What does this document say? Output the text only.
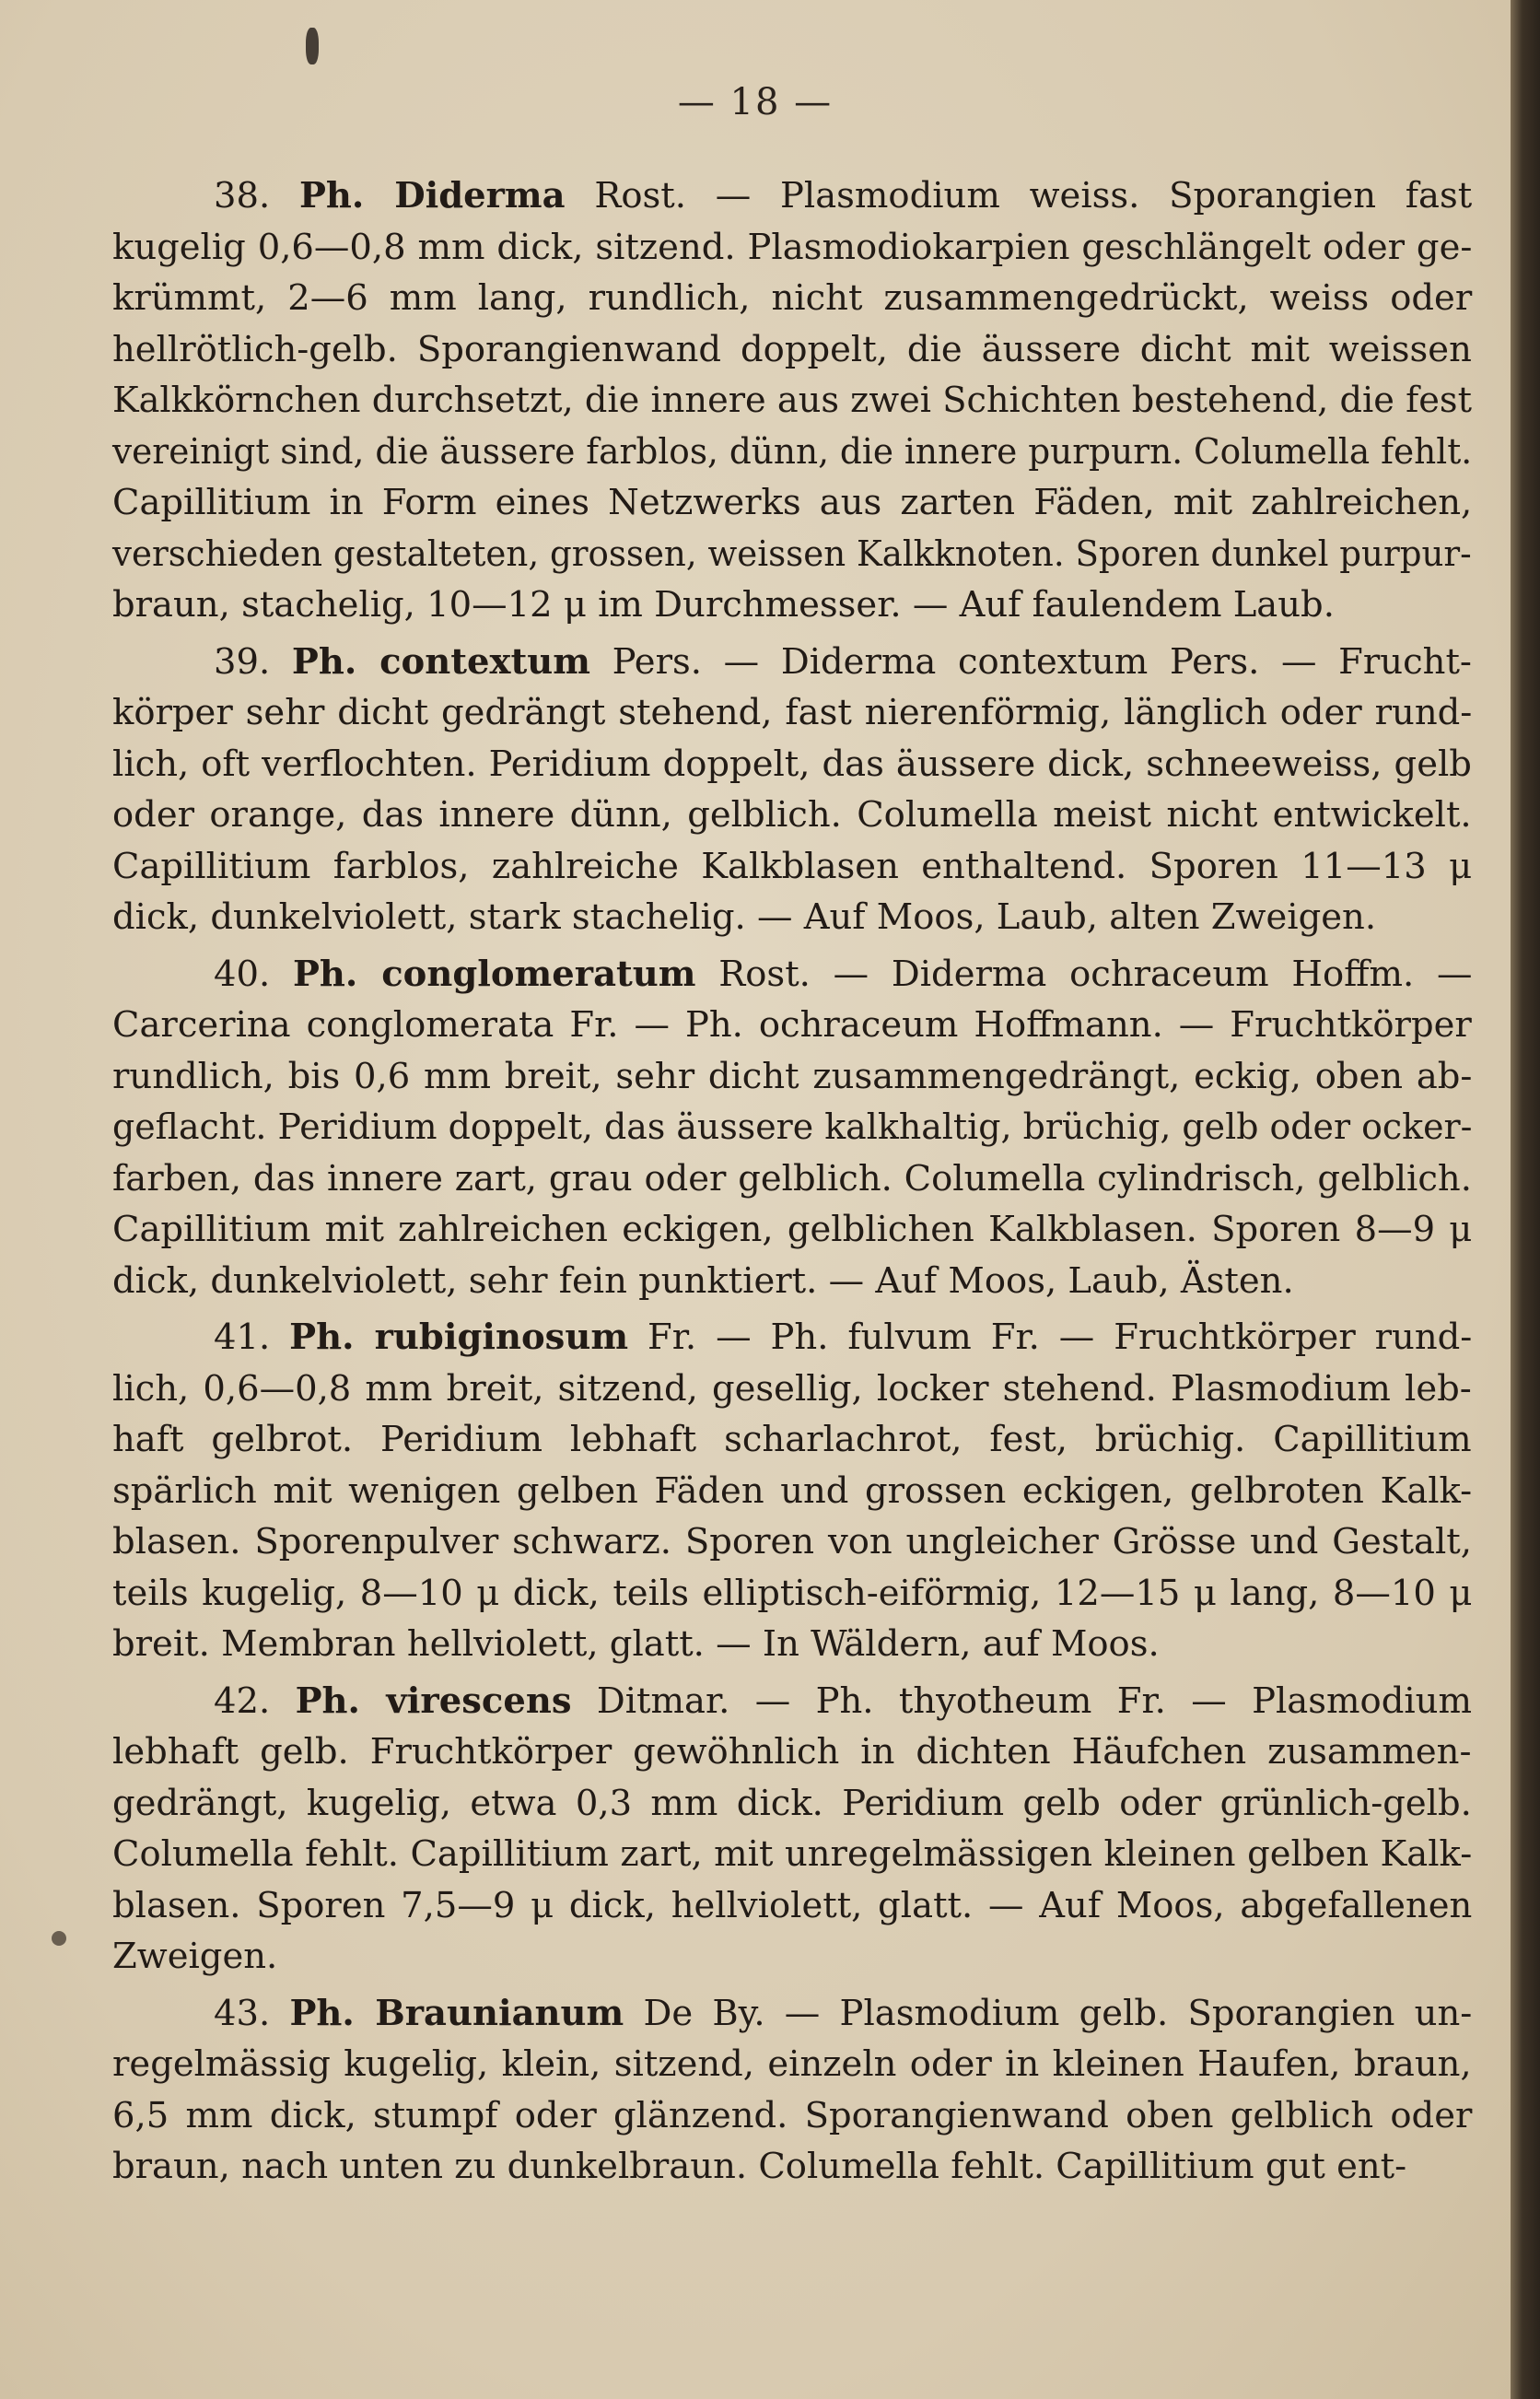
— 18 —
38. Ph. Diderma Rost. — Plasmodium weiss. Sporangien fast
kugelig 0,6—0,8 mm dick, sitzend. Plasmodiokarpien geschlängelt oder ge-
krümmt, 2—6 mm lang, rundlich, nicht zusammengedrückt, weiss oder
hellrötlich-gelb. Sporangienwand doppelt, die äussere dicht mit weissen
Kalkkörnchen durchsetzt, die innere aus zwei Schichten bestehend, die fest
vereinigt sind, die äussere farblos, dünn, die innere purpurn. Columella fehlt.
Capillitium in Form eines Netzwerks aus zarten Fäden, mit zahlreichen,
verschieden gestalteten, grossen, weissen Kalkknoten. Sporen dunkel purpur-
braun, stachelig, 10—12 μ im Durchmesser. — Auf faulendem Laub.
39. Ph. contextum Pers. — Diderma contextum Pers. — Frucht-
körper sehr dicht gedrängt stehend, fast nierenförmig, länglich oder rund-
lich, oft verflochten. Peridium doppelt, das äussere dick, schneeweiss, gelb
oder orange, das innere dünn, gelblich. Columella meist nicht entwickelt.
Capillitium farblos, zahlreiche Kalkblasen enthaltend. Sporen 11—13 μ
dick, dunkelviolett, stark stachelig. — Auf Moos, Laub, alten Zweigen.
40. Ph. conglomeratum Rost. — Diderma ochraceum Hoffm. —
Carcerina conglomerata Fr. — Ph. ochraceum Hoffmann. — Fruchtkörper
rundlich, bis 0,6 mm breit, sehr dicht zusammengedrängt, eckig, oben ab-
geflacht. Peridium doppelt, das äussere kalkhaltig, brüchig, gelb oder ocker-
farben, das innere zart, grau oder gelblich. Columella cylindrisch, gelblich.
Capillitium mit zahlreichen eckigen, gelblichen Kalkblasen. Sporen 8—9 μ
dick, dunkelviolett, sehr fein punktiert. — Auf Moos, Laub, Ästen.
41. Ph. rubiginosum Fr. — Ph. fulvum Fr. — Fruchtkörper rund-
lich, 0,6—0,8 mm breit, sitzend, gesellig, locker stehend. Plasmodium leb-
haft gelbrot. Peridium lebhaft scharlachrot, fest, brüchig. Capillitium
spärlich mit wenigen gelben Fäden und grossen eckigen, gelbroten Kalk-
blasen. Sporenpulver schwarz. Sporen von ungleicher Grösse und Gestalt,
teils kugelig, 8—10 μ dick, teils elliptisch-eiförmig, 12—15 μ lang, 8—10 μ
breit. Membran hellviolett, glatt. — In Wäldern, auf Moos.
42. Ph. virescens Ditmar. — Ph. thyotheum Fr. — Plasmodium
lebhaft gelb. Fruchtkörper gewöhnlich in dichten Häufchen zusammen-
gedrängt, kugelig, etwa 0,3 mm dick. Peridium gelb oder grünlich-gelb.
Columella fehlt. Capillitium zart, mit unregelmässigen kleinen gelben Kalk-
blasen. Sporen 7,5—9 μ dick, hellviolett, glatt. — Auf Moos, abgefallenen
Zweigen.
43. Ph. Braunianum De By. — Plasmodium gelb. Sporangien un-
regelmässig kugelig, klein, sitzend, einzeln oder in kleinen Haufen, braun,
6,5 mm dick, stumpf oder glänzend. Sporangienwand oben gelblich oder
braun, nach unten zu dunkelbraun. Columella fehlt. Capillitium gut ent-
